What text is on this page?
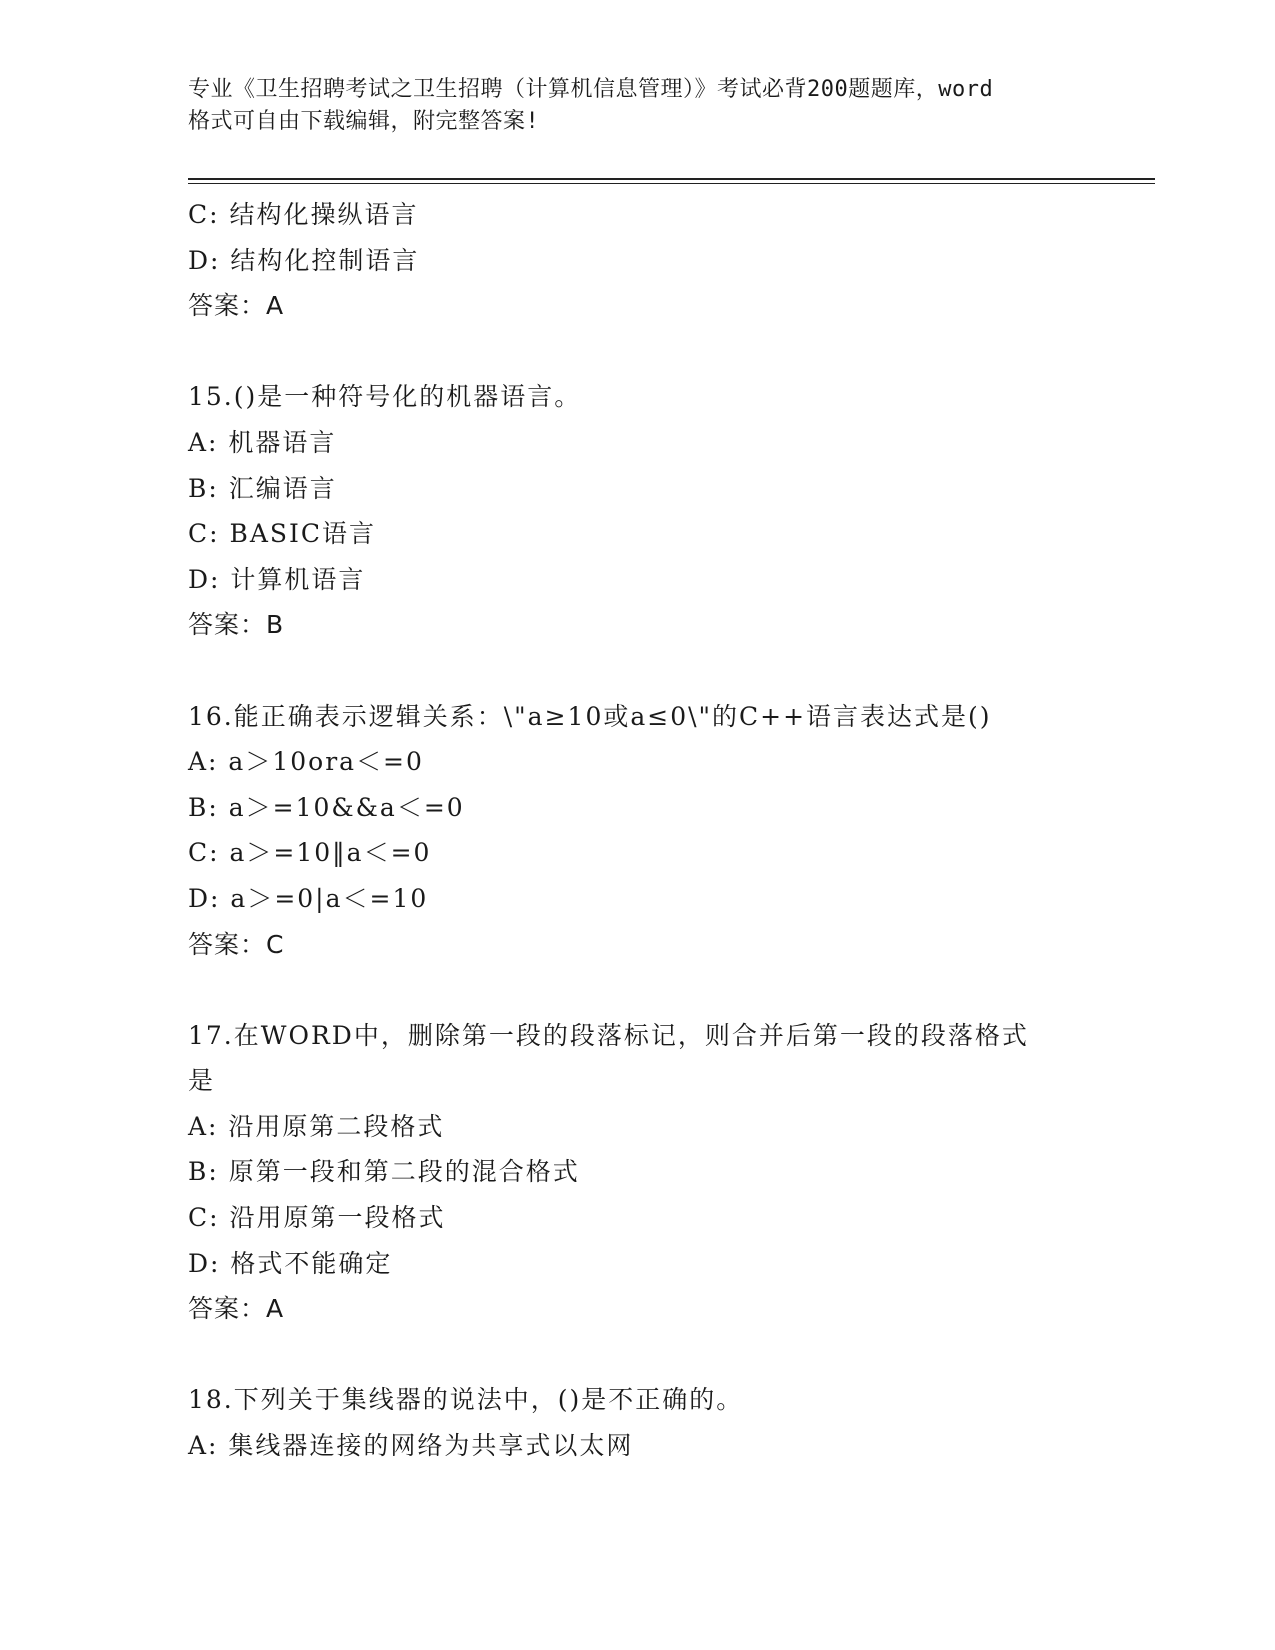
专业《卫生招聘考试之卫生招聘（计算机信息管理）》考试必背200题题库，word
格式可自由下载编辑，附完整答案!
C: 结构化操纵语言
D: 结构化控制语言
答案：A
15.()是一种符号化的机器语言。
A: 机器语言
B: 汇编语言
C: BASIC语言
D: 计算机语言
答案：B
16.能正确表示逻辑关系：\"a≥10或a≤0\"的C++语言表达式是()
A: a＞10ora＜=0
B: a＞=10&&a＜=0
C: a＞=10‖a＜=0
D: a＞=0|a＜=10
答案：C
17.在WORD中，删除第一段的段落标记，则合并后第一段的段落格式
是
A: 沿用原第二段格式
B: 原第一段和第二段的混合格式
C: 沿用原第一段格式
D: 格式不能确定
答案：A
18.下列关于集线器的说法中，()是不正确的。
A: 集线器连接的网络为共享式以太网
